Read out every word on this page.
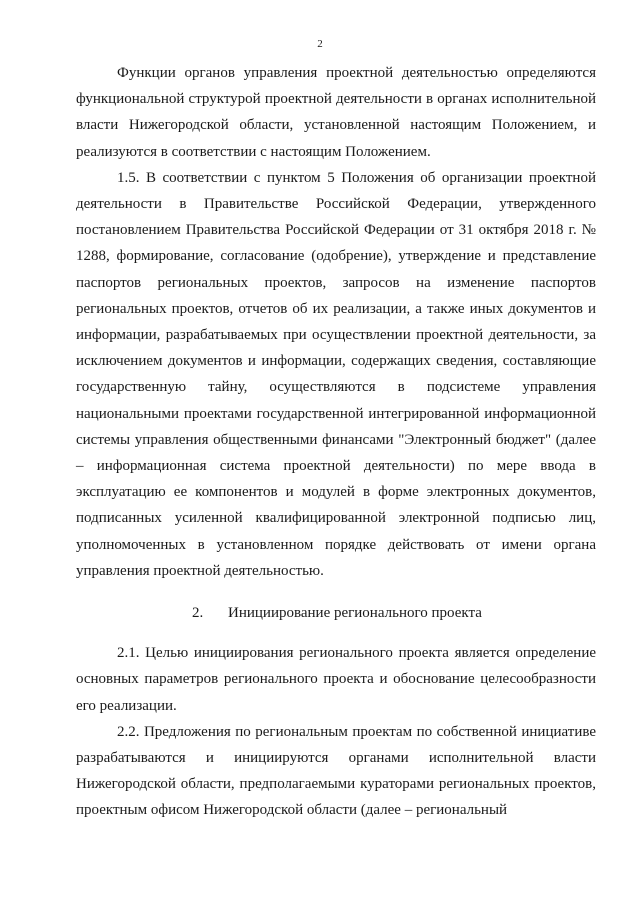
2

Функции органов управления проектной деятельностью определяются функциональной структурой проектной деятельности в органах исполнительной власти Нижегородской области, установленной настоящим Положением, и реализуются в соответствии с настоящим Положением.

1.5. В соответствии с пунктом 5 Положения об организации проектной деятельности в Правительстве Российской Федерации, утвержденного постановлением Правительства Российской Федерации от 31 октября 2018 г. № 1288, формирование, согласование (одобрение), утверждение и представление паспортов региональных проектов, запросов на изменение паспортов региональных проектов, отчетов об их реализации, а также иных документов и информации, разрабатываемых при осуществлении проектной деятельности, за исключением документов и информации, содержащих сведения, составляющие государственную тайну, осуществляются в подсистеме управления национальными проектами государственной интегрированной информационной системы управления общественными финансами "Электронный бюджет" (далее – информационная система проектной деятельности) по мере ввода в эксплуатацию ее компонентов и модулей в форме электронных документов, подписанных усиленной квалифицированной электронной подписью лиц, уполномоченных в установленном порядке действовать от имени органа управления проектной деятельностью.

2. Инициирование регионального проекта

2.1. Целью инициирования регионального проекта является определение основных параметров регионального проекта и обоснование целесообразности его реализации.

2.2. Предложения по региональным проектам по собственной инициативе разрабатываются и инициируются органами исполнительной власти Нижегородской области, предполагаемыми кураторами региональных проектов, проектным офисом Нижегородской области (далее – региональный
